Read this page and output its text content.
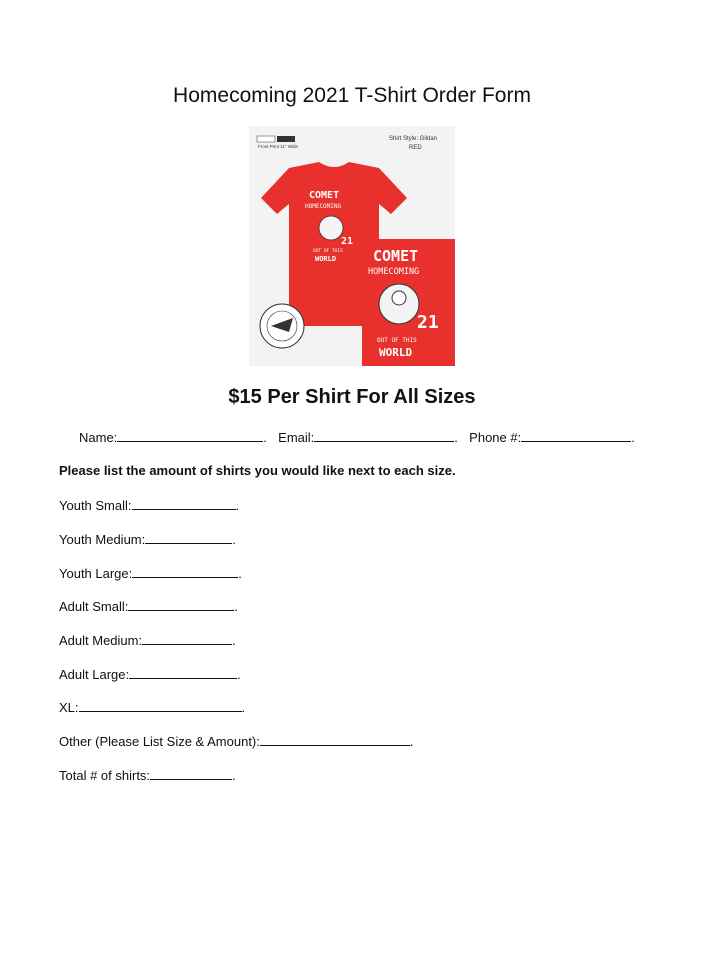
Homecoming 2021 T-Shirt Order Form
Front Print 11" Wide
Shirt Style: Gildan
RED
COMET
HOMECOMING
21
OUT OF THIS
WORLD COMET
HOMECOMING
21
OUT OF THIS
WORLD
$15 Per Shirt For All Sizes
Name:	. Email:	. Phone #:	.
Please list the amount of shirts you would like next to each size.
Youth Small:	.
Youth Medium:	.
Youth Large:	.
Adult Small:	.
Adult Medium:	.
Adult Large:	.
XL:	.
Other (Please List Size & Amount):	.
Total # of shirts:	.
